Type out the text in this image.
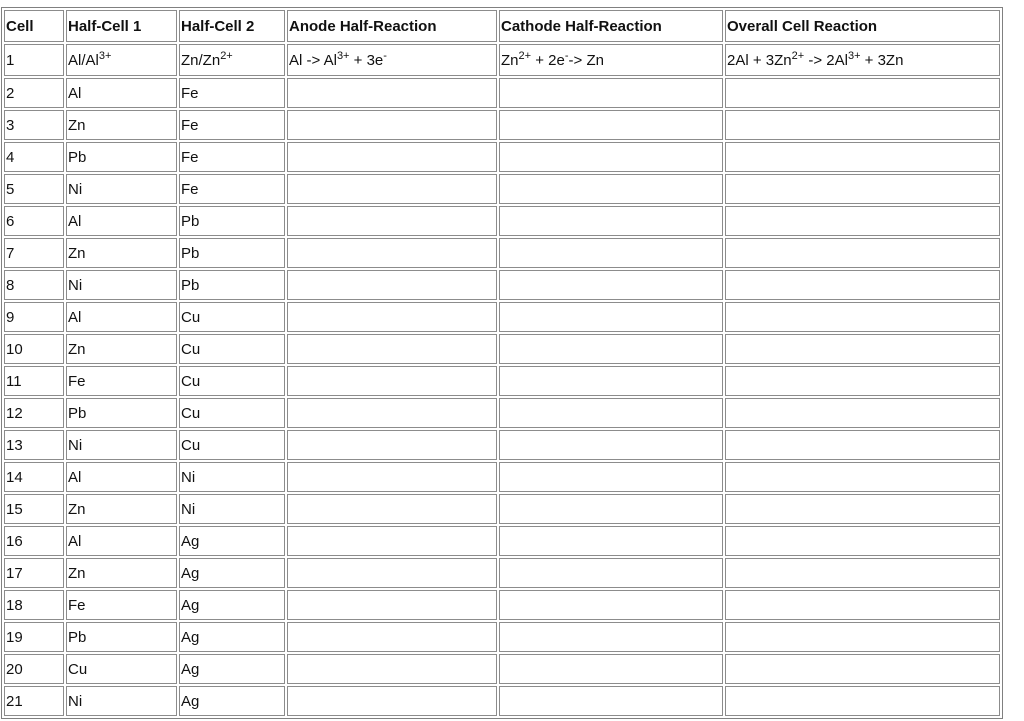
Cell	Half-Cell 1	Half-Cell 2	Anode Half-Reaction	Cathode Half-Reaction	Overall Cell Reaction
1	$Al/Al^{3+}$	$Zn/Zn^{2+}$	$Al -> Al^{3+} + 3e^-$	$Zn^{2+} + 2e^--> Zn$	$2Al + 3Zn^{2+} -> 2Al^{3+} + 3Zn$
2	Al	Fe			
3	Zn	Fe			
4	Pb	Fe			
5	Ni	Fe			
6	Al	Pb			
7	Zn	Pb			
8	Ni	Pb			
9	Al	Cu			
10	Zn	Cu			
11	Fe	Cu			
12	Pb	Cu			
13	Ni	Cu			
14	Al	Ni			
15	Zn	Ni			
16	Al	Ag			
17	Zn	Ag			
18	Fe	Ag			
19	Pb	Ag			
20	Cu	Ag			
21	Ni	Ag			
